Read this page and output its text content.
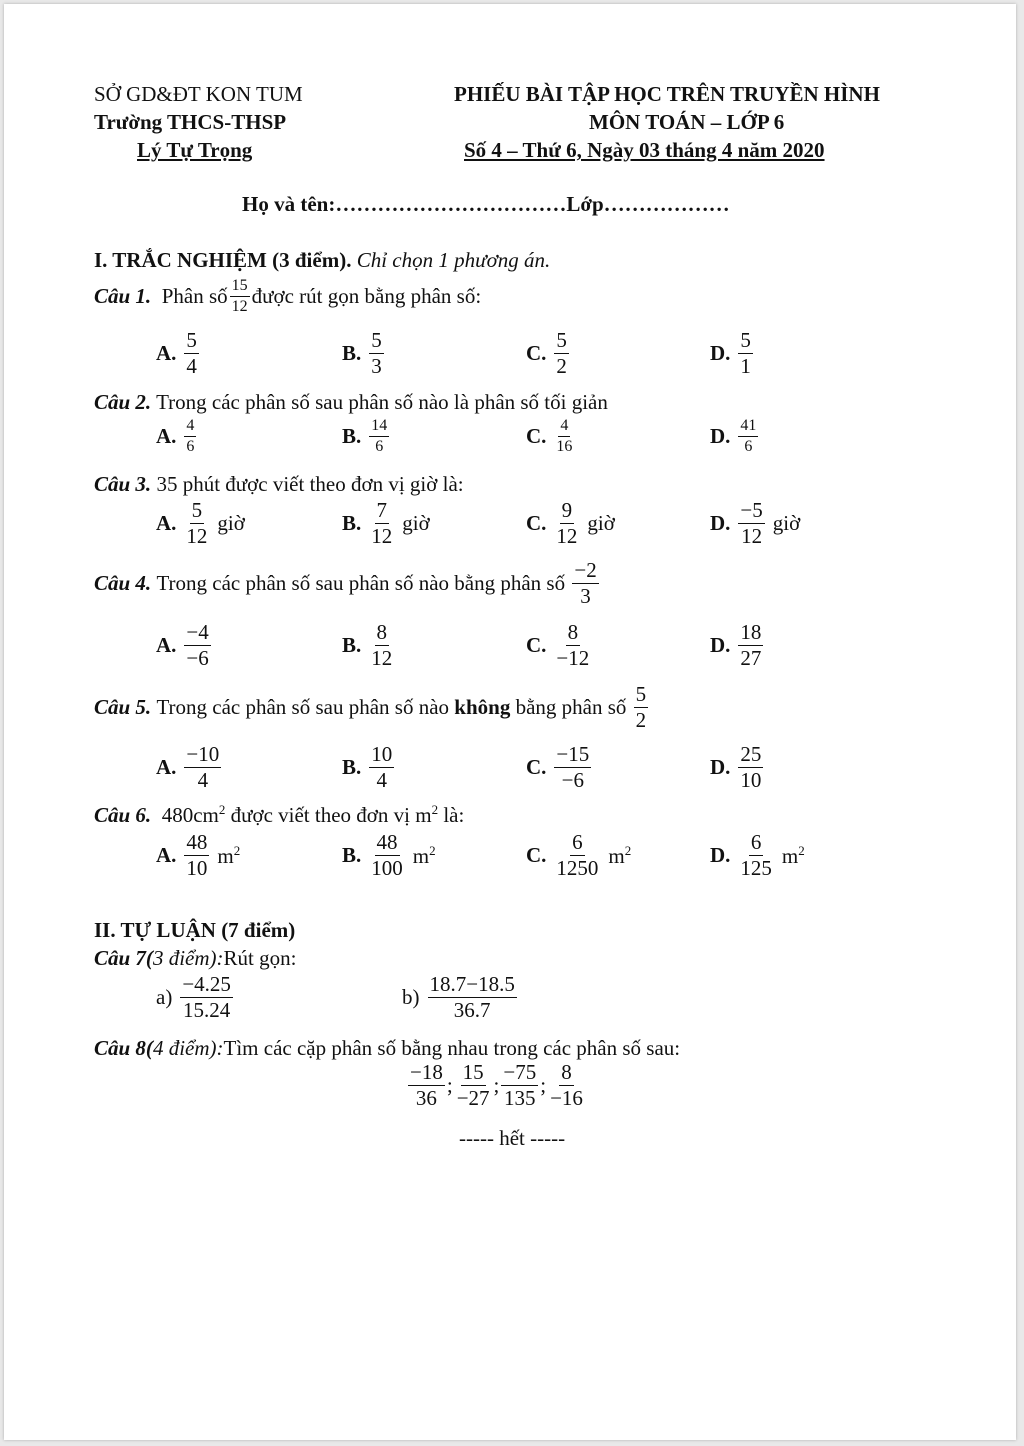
SỞ GD&ĐT KON TUM
Trường THCS-THSP
Lý Tự Trọng
PHIẾU BÀI TẬP HỌC TRÊN TRUYỀN HÌNH
MÔN TOÁN – LỚP 6
Số 4 – Thứ 6, Ngày 03 tháng 4 năm 2020
Họ và tên:……………………………Lớp………………
I. TRẮC NGHIỆM (3 điểm). Chỉ chọn 1 phương án.
Câu 1.
Phân số $\frac{15}{12}$ được rút gọn bằng phân số:
A. $\frac{5}{4}$	B. $\frac{5}{3}$	C. $\frac{5}{2}$	D. $\frac{5}{1}$
Câu 2. Trong các phân số sau phân số nào là phân số tối giản
A. $\frac{4}{6}$	B. $\frac{14}{6}$	C. $\frac{4}{16}$	D. $\frac{41}{6}$
Câu 3. 35 phút được viết theo đơn vị giờ là:
A. $\frac{5}{12}$ giờ	B. $\frac{7}{12}$ giờ	C. $\frac{9}{12}$ giờ	D. $\frac{-5}{12}$ giờ
Câu 4.
Trong các phân số sau phân số nào bằng phân số
$\frac{-2}{3}$
A. $\frac{-4}{-6}$	B. $\frac{8}{12}$	C. $\frac{8}{-12}$	D. $\frac{18}{27}$
Câu 5.
Trong các phân số sau phân số nào
không
bằng phân số
$\frac{5}{2}$
A. $\frac{-10}{4}$	B. $\frac{10}{4}$	C. $\frac{-15}{-6}$	D. $\frac{25}{10}$
Câu 6. $480cm^2$ được viết theo đơn vị $m^2$ là:
A. $\frac{48}{10} m^2$	B. $\frac{48}{100} m^2$	C. $\frac{6}{1250} m^2$	D. $\frac{6}{125} m^2$
II. TỰ LUẬN (7 điểm)
Câu 7(3 điểm):Rút gọn:
$a) \frac{-4.25}{15.24}$	$b) \frac{18.7-18.5}{36.7}$
Câu 8(4 điểm):Tìm các cặp phân số bằng nhau trong các phân số sau:
$\frac{-18}{36}$ ; $\frac{15}{-27}$ ; $\frac{-75}{135}$ ; $\frac{8}{-16}$
----- hết -----
